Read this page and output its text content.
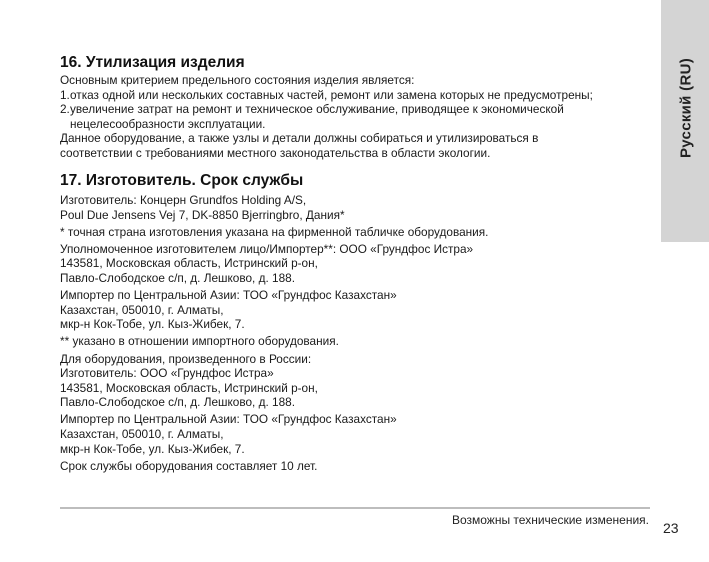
Русский (RU)
16. Утилизация изделия

Основным критерием предельного состояния изделия является:

1. отказ одной или нескольких составных частей, ремонт или замена которых не предусмотрены;
2. увеличение затрат на ремонт и техническое обслуживание, приводящее к экономической нецелесообразности эксплуатации.

Данное оборудование, а также узлы и детали должны собираться и утилизироваться в

соответствии с требованиями местного законодательства в области экологии.

17. Изготовитель. Срок службы

Изготовитель: Концерн Grundfos Holding A/S,

Poul Due Jensens Vej 7, DK-8850 Bjerringbro, Дания*

* точная страна изготовления указана на фирменной табличке оборудования.

Уполномоченное изготовителем лицо/Импортер**: ООО «Грундфос Истра»

143581, Московская область, Истринский р-он,

Павло-Слободское с/п, д. Лешково, д. 188.

Импортер по Центральной Азии: ТОО «Грундфос Казахстан»

Казахстан, 050010, г. Алматы,

мкр-н Кок-Тобе, ул. Кыз-Жибек, 7.

** указано в отношении импортного оборудования.

Для оборудования, произведенного в России:

Изготовитель: ООО «Грундфос Истра»

143581, Московская область, Истринский р-он,

Павло-Слободское с/п, д. Лешково, д. 188.

Импортер по Центральной Азии: ТОО «Грундфос Казахстан»

Казахстан, 050010, г. Алматы,

мкр-н Кок-Тобе, ул. Кыз-Жибек, 7.

Срок службы оборудования составляет 10 лет.

Возможны технические изменения. 23
